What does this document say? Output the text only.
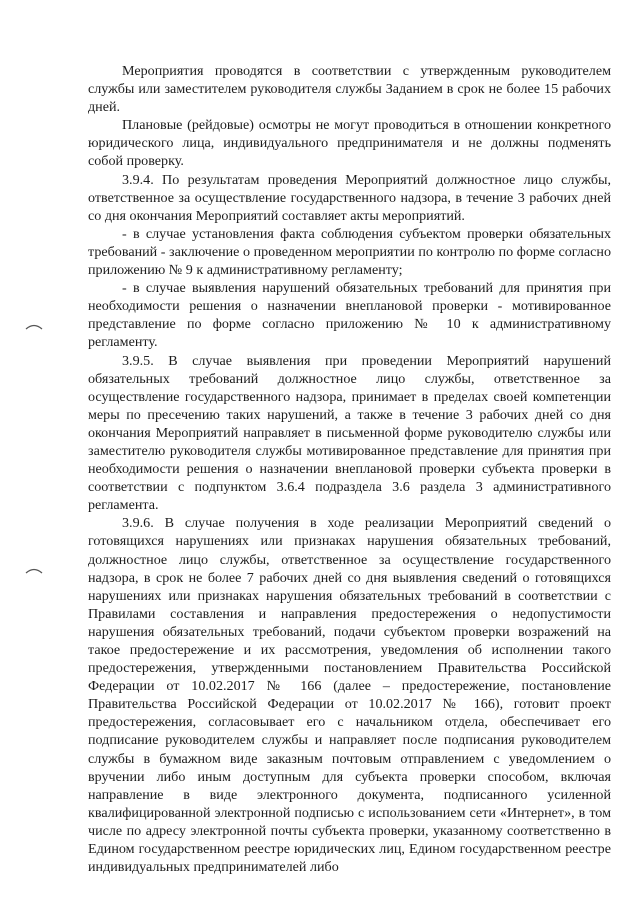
Мероприятия проводятся в соответствии с утвержденным руководителем службы или заместителем руководителя службы Заданием в срок не более 15 рабочих дней.

Плановые (рейдовые) осмотры не могут проводиться в отношении конкретного юридического лица, индивидуального предпринимателя и не должны подменять собой проверку.

3.9.4. По результатам проведения Мероприятий должностное лицо службы, ответственное за осуществление государственного надзора, в течение 3 рабочих дней со дня окончания Мероприятий составляет акты мероприятий.

- в случае установления факта соблюдения субъектом проверки обязательных требований - заключение о проведенном мероприятии по контролю по форме согласно приложению № 9 к административному регламенту;

- в случае выявления нарушений обязательных требований для принятия при необходимости решения о назначении внеплановой проверки - мотивированное представление по форме согласно приложению № 10 к административному регламенту.

3.9.5. В случае выявления при проведении Мероприятий нарушений обязательных требований должностное лицо службы, ответственное за осуществление государственного надзора, принимает в пределах своей компетенции меры по пресечению таких нарушений, а также в течение 3 рабочих дней со дня окончания Мероприятий направляет в письменной форме руководителю службы или заместителю руководителя службы мотивированное представление для принятия при необходимости решения о назначении внеплановой проверки субъекта проверки в соответствии с подпунктом 3.6.4 подраздела 3.6 раздела 3 административного регламента.

3.9.6. В случае получения в ходе реализации Мероприятий сведений о готовящихся нарушениях или признаках нарушения обязательных требований, должностное лицо службы, ответственное за осуществление государственного надзора, в срок не более 7 рабочих дней со дня выявления сведений о готовящихся нарушениях или признаках нарушения обязательных требований в соответствии с Правилами составления и направления предостережения о недопустимости нарушения обязательных требований, подачи субъектом проверки возражений на такое предостережение и их рассмотрения, уведомления об исполнении такого предостережения, утвержденными постановлением Правительства Российской Федерации от 10.02.2017 № 166 (далее – предостережение, постановление Правительства Российской Федерации от 10.02.2017 № 166), готовит проект предостережения, согласовывает его с начальником отдела, обеспечивает его подписание руководителем службы и направляет после подписания руководителем службы в бумажном виде заказным почтовым отправлением с уведомлением о вручении либо иным доступным для субъекта проверки способом, включая направление в виде электронного документа, подписанного усиленной квалифицированной электронной подписью с использованием сети «Интернет», в том числе по адресу электронной почты субъекта проверки, указанному соответственно в Едином государственном реестре юридических лиц, Едином государственном реестре индивидуальных предпринимателей либо
